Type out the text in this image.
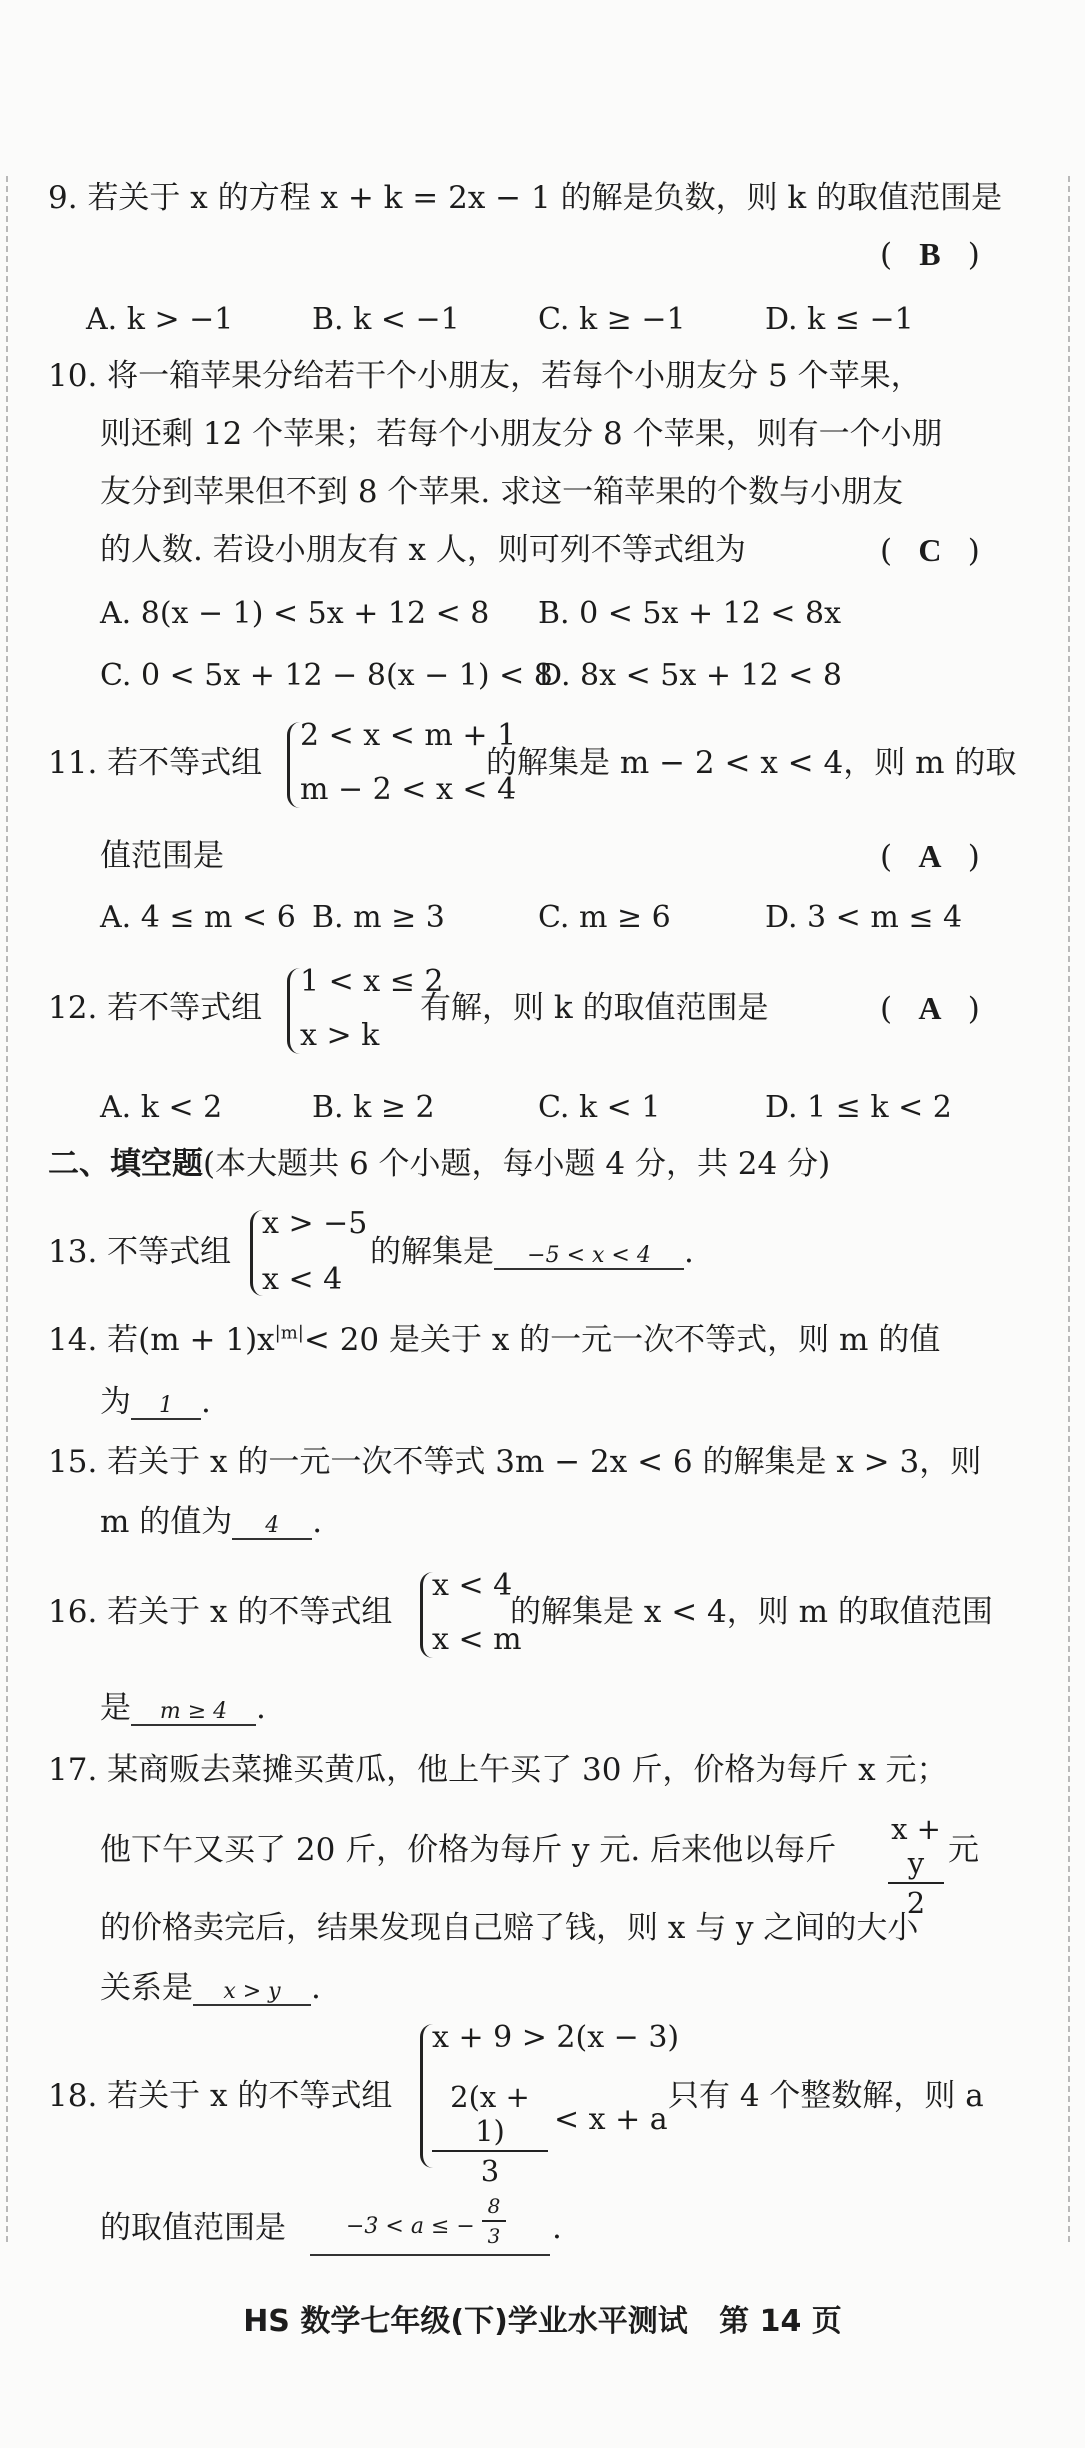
9. 若关于 x 的方程 x + k = 2x − 1 的解是负数，则 k 的取值范围是
( B )
A. k > −1	B. k < −1	C. k ≥ −1	D. k ≤ −1
10. 将一箱苹果分给若干个小朋友，若每个小朋友分 5 个苹果，
则还剩 12 个苹果；若每个小朋友分 8 个苹果，则有一个小朋
友分到苹果但不到 8 个苹果. 求这一箱苹果的个数与小朋友
的人数. 若设小朋友有 x 人，则可列不等式组为	( C )
A. 8(x − 1) < 5x + 12 < 8 B. 0 < 5x + 12 < 8x
C. 0 < 5x + 12 − 8(x − 1) < 8
D. 8x < 5x + 12 < 8
11. 若不等式组
2 < x < m + 1
m − 2 < x < 4
的解集是 m − 2 < x < 4，则 m 的取
值范围是	( A )
A. 4 ≤ m < 6 B. m ≥ 3	C. m ≥ 6	D. 3 < m ≤ 4
12. 若不等式组
1 < x ≤ 2
x > k
有解，则 k 的取值范围是	( A )
A. k < 2	B. k ≥ 2	C. k < 1	D. 1 ≤ k < 2
二、填空题(本大题共 6 个小题，每小题 4 分，共 24 分)
13. 不等式组
x > −5
x < 4
的解集是 −5 < x < 4 .
14. 若$(m + 1)x^{|m|}< 20$ 是关于 x 的一元一次不等式，则 m 的值
为 1 .
15. 若关于 x 的一元一次不等式 3m − 2x < 6 的解集是 x > 3，则
m 的值为 4 .
16. 若关于 x 的不等式组
x < 4
x < m
的解集是 x < 4，则 m 的取值范围
是 m ≥ 4 .
17. 某商贩去菜摊买黄瓜，他上午买了 30 斤，价格为每斤 x 元；
他下午又买了 20 斤，价格为每斤 y 元. 后来他以每斤
x + y
2
元
的价格卖完后，结果发现自己赔了钱，则 x 与 y 之间的大小
关系是 x > y .
18. 若关于 x 的不等式组
x + 9 > 2(x − 3)
2(x + 1)
3
< x + a
只有 4 个整数解，则 a
的取值范围是	−3 < a ≤ −
8
3 .
HS 数学七年级(下)学业水平测试 第 14 页
